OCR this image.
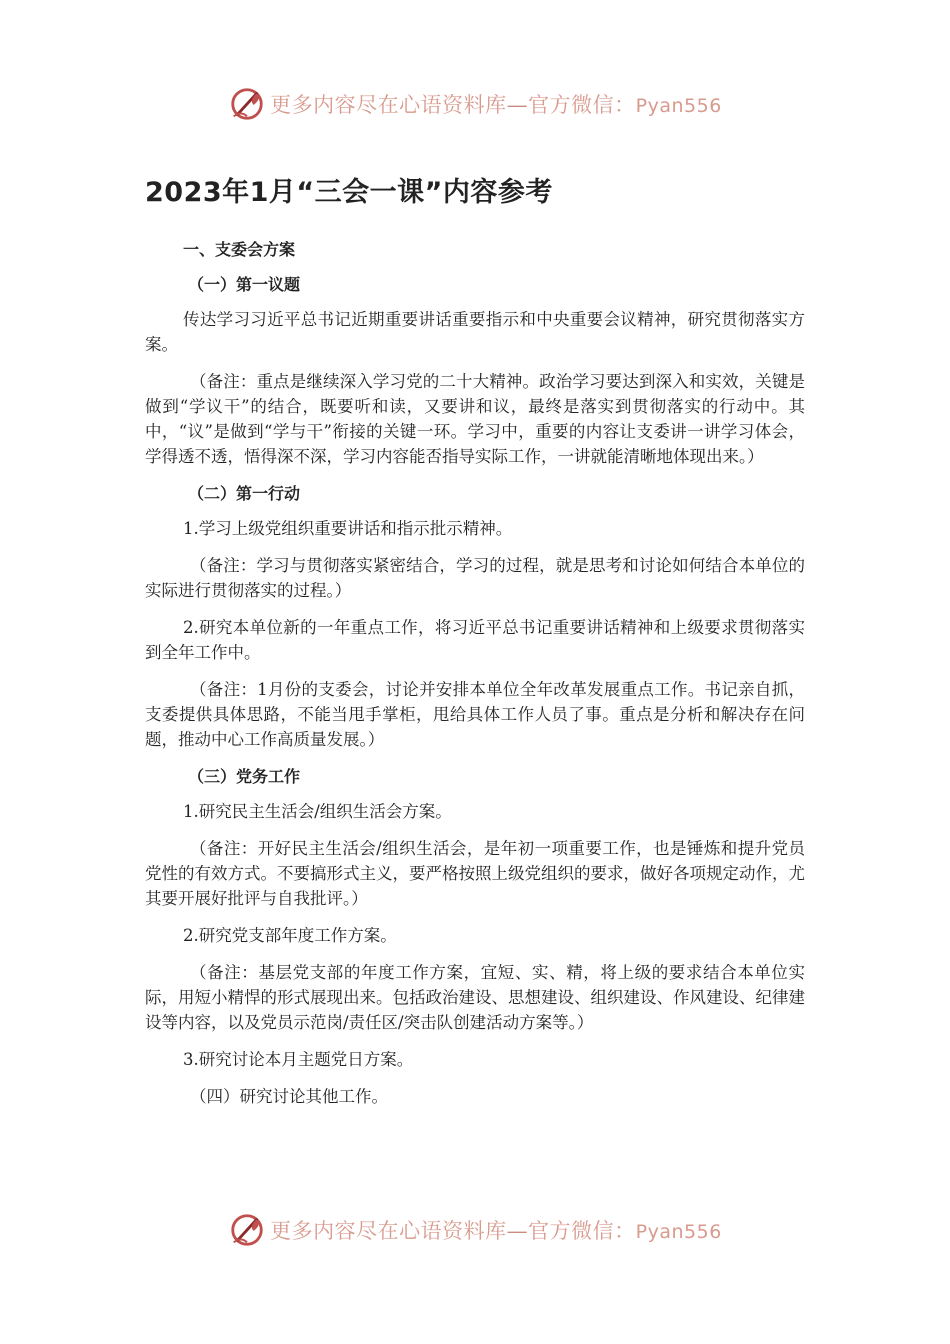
更多内容尽在心语资料库—官方微信：Pyan556
2023年1月“三会一课”内容参考
一、支委会方案
（一）第一议题

传达学习习近平总书记近期重要讲话重要指示和中央重要会议精神，研究贯彻落实方案。

（备注：重点是继续深入学习党的二十大精神。政治学习要达到深入和实效，关键是做到“学议干”的结合，既要听和读，又要讲和议，最终是落实到贯彻落实的行动中。其中，“议”是做到“学与干”衔接的关键一环。学习中，重要的内容让支委讲一讲学习体会，学得透不透，悟得深不深，学习内容能否指导实际工作，一讲就能清晰地体现出来。）

（二）第一行动

1.学习上级党组织重要讲话和指示批示精神。

（备注：学习与贯彻落实紧密结合，学习的过程，就是思考和讨论如何结合本单位的实际进行贯彻落实的过程。）

2.研究本单位新的一年重点工作，将习近平总书记重要讲话精神和上级要求贯彻落实到全年工作中。

（备注：1月份的支委会，讨论并安排本单位全年改革发展重点工作。书记亲自抓，支委提供具体思路，不能当甩手掌柜，甩给具体工作人员了事。重点是分析和解决存在问题，推动中心工作高质量发展。）

（三）党务工作

1.研究民主生活会/组织生活会方案。

（备注：开好民主生活会/组织生活会，是年初一项重要工作，也是锤炼和提升党员党性的有效方式。不要搞形式主义，要严格按照上级党组织的要求，做好各项规定动作，尤其要开展好批评与自我批评。）

2.研究党支部年度工作方案。

（备注：基层党支部的年度工作方案，宜短、实、精，将上级的要求结合本单位实际，用短小精悍的形式展现出来。包括政治建设、思想建设、组织建设、作风建设、纪律建设等内容，以及党员示范岗/责任区/突击队创建活动方案等。）

3.研究讨论本月主题党日方案。

（四）研究讨论其他工作。

更多内容尽在心语资料库—官方微信：Pyan556
